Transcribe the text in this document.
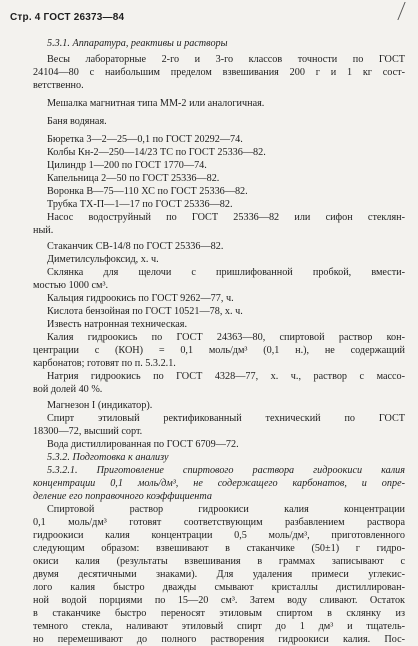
Стр. 4 ГОСТ 26373—84

5.3.1. Аппаратура, реактивы и растворы

Весы лабораторные 2-го и 3-го классов точности по ГОСТ

24104—80 с наибольшим пределом взвешивания 200 г и 1 кг сост-

ветственно.

Мешалка магнитная типа ММ-2 или аналогичная.

Баня водяная.

Бюретка 3—2—25—0,1 по ГОСТ 20292—74.

Колбы Кн-2—250—14/23 ТС по ГОСТ 25336—82.

Цилиндр 1—200 по ГОСТ 1770—74.

Капельница 2—50 по ГОСТ 25336—82.

Воронка В—75—110 ХС по ГОСТ 25336—82.

Трубка ТХ-П—1—17 по ГОСТ 25336—82.

Насос водоструйный по ГОСТ 25336—82 или сифон стеклян-

ный.

Стаканчик СВ-14/8 по ГОСТ 25336—82.

Диметилсульфоксид, х. ч.

Склянка для щелочи с пришлифованной пробкой, вмести-

мостью 1000 см³.

Кальция гидроокись по ГОСТ 9262—77, ч.

Кислота бензойная по ГОСТ 10521—78, х. ч.

Известь натронная техническая.

Калия гидроокись по ГОСТ 24363—80, спиртовой раствор кон-

центрации c (КОН) = 0,1 моль/дм³ (0,1 н.), не содержащий

карбонатов; готовят по п. 5.3.2.1.

Натрия гидроокись по ГОСТ 4328—77, х. ч., раствор с массо-

вой долей 40 %.

Магнезон I (индикатор).

Спирт этиловый ректификованный технический по ГОСТ

18300—72, высший сорт.

Вода дистиллированная по ГОСТ 6709—72.

5.3.2. Подготовка к анализу

5.3.2.1. Приготовление спиртового раствора гидроокиси калия

концентрации 0,1 моль/дм³, не содержащего карбонатов, и опре-

деление его поправочного коэффициента

Спиртовой раствор гидроокиси калия концентрации

0,1 моль/дм³ готовят соответствующим разбавлением раствора

гидроокиси калия концентрации 0,5 моль/дм³, приготовленного

следующим образом: взвешивают в стаканчике (50±1) г гидро-

окиси калия (результаты взвешивания в граммах записывают с

двумя десятичными знаками). Для удаления примеси углекис-

лого калия быстро дважды смывают кристаллы дистиллирован-

ной водой порциями по 15—20 см³. Затем воду сливают. Остаток

в стаканчике быстро переносят этиловым спиртом в склянку из

темного стекла, наливают этиловый спирт до 1 дм³ и тщатель-

но перемешивают до полного растворения гидроокиси калия. Пос-
